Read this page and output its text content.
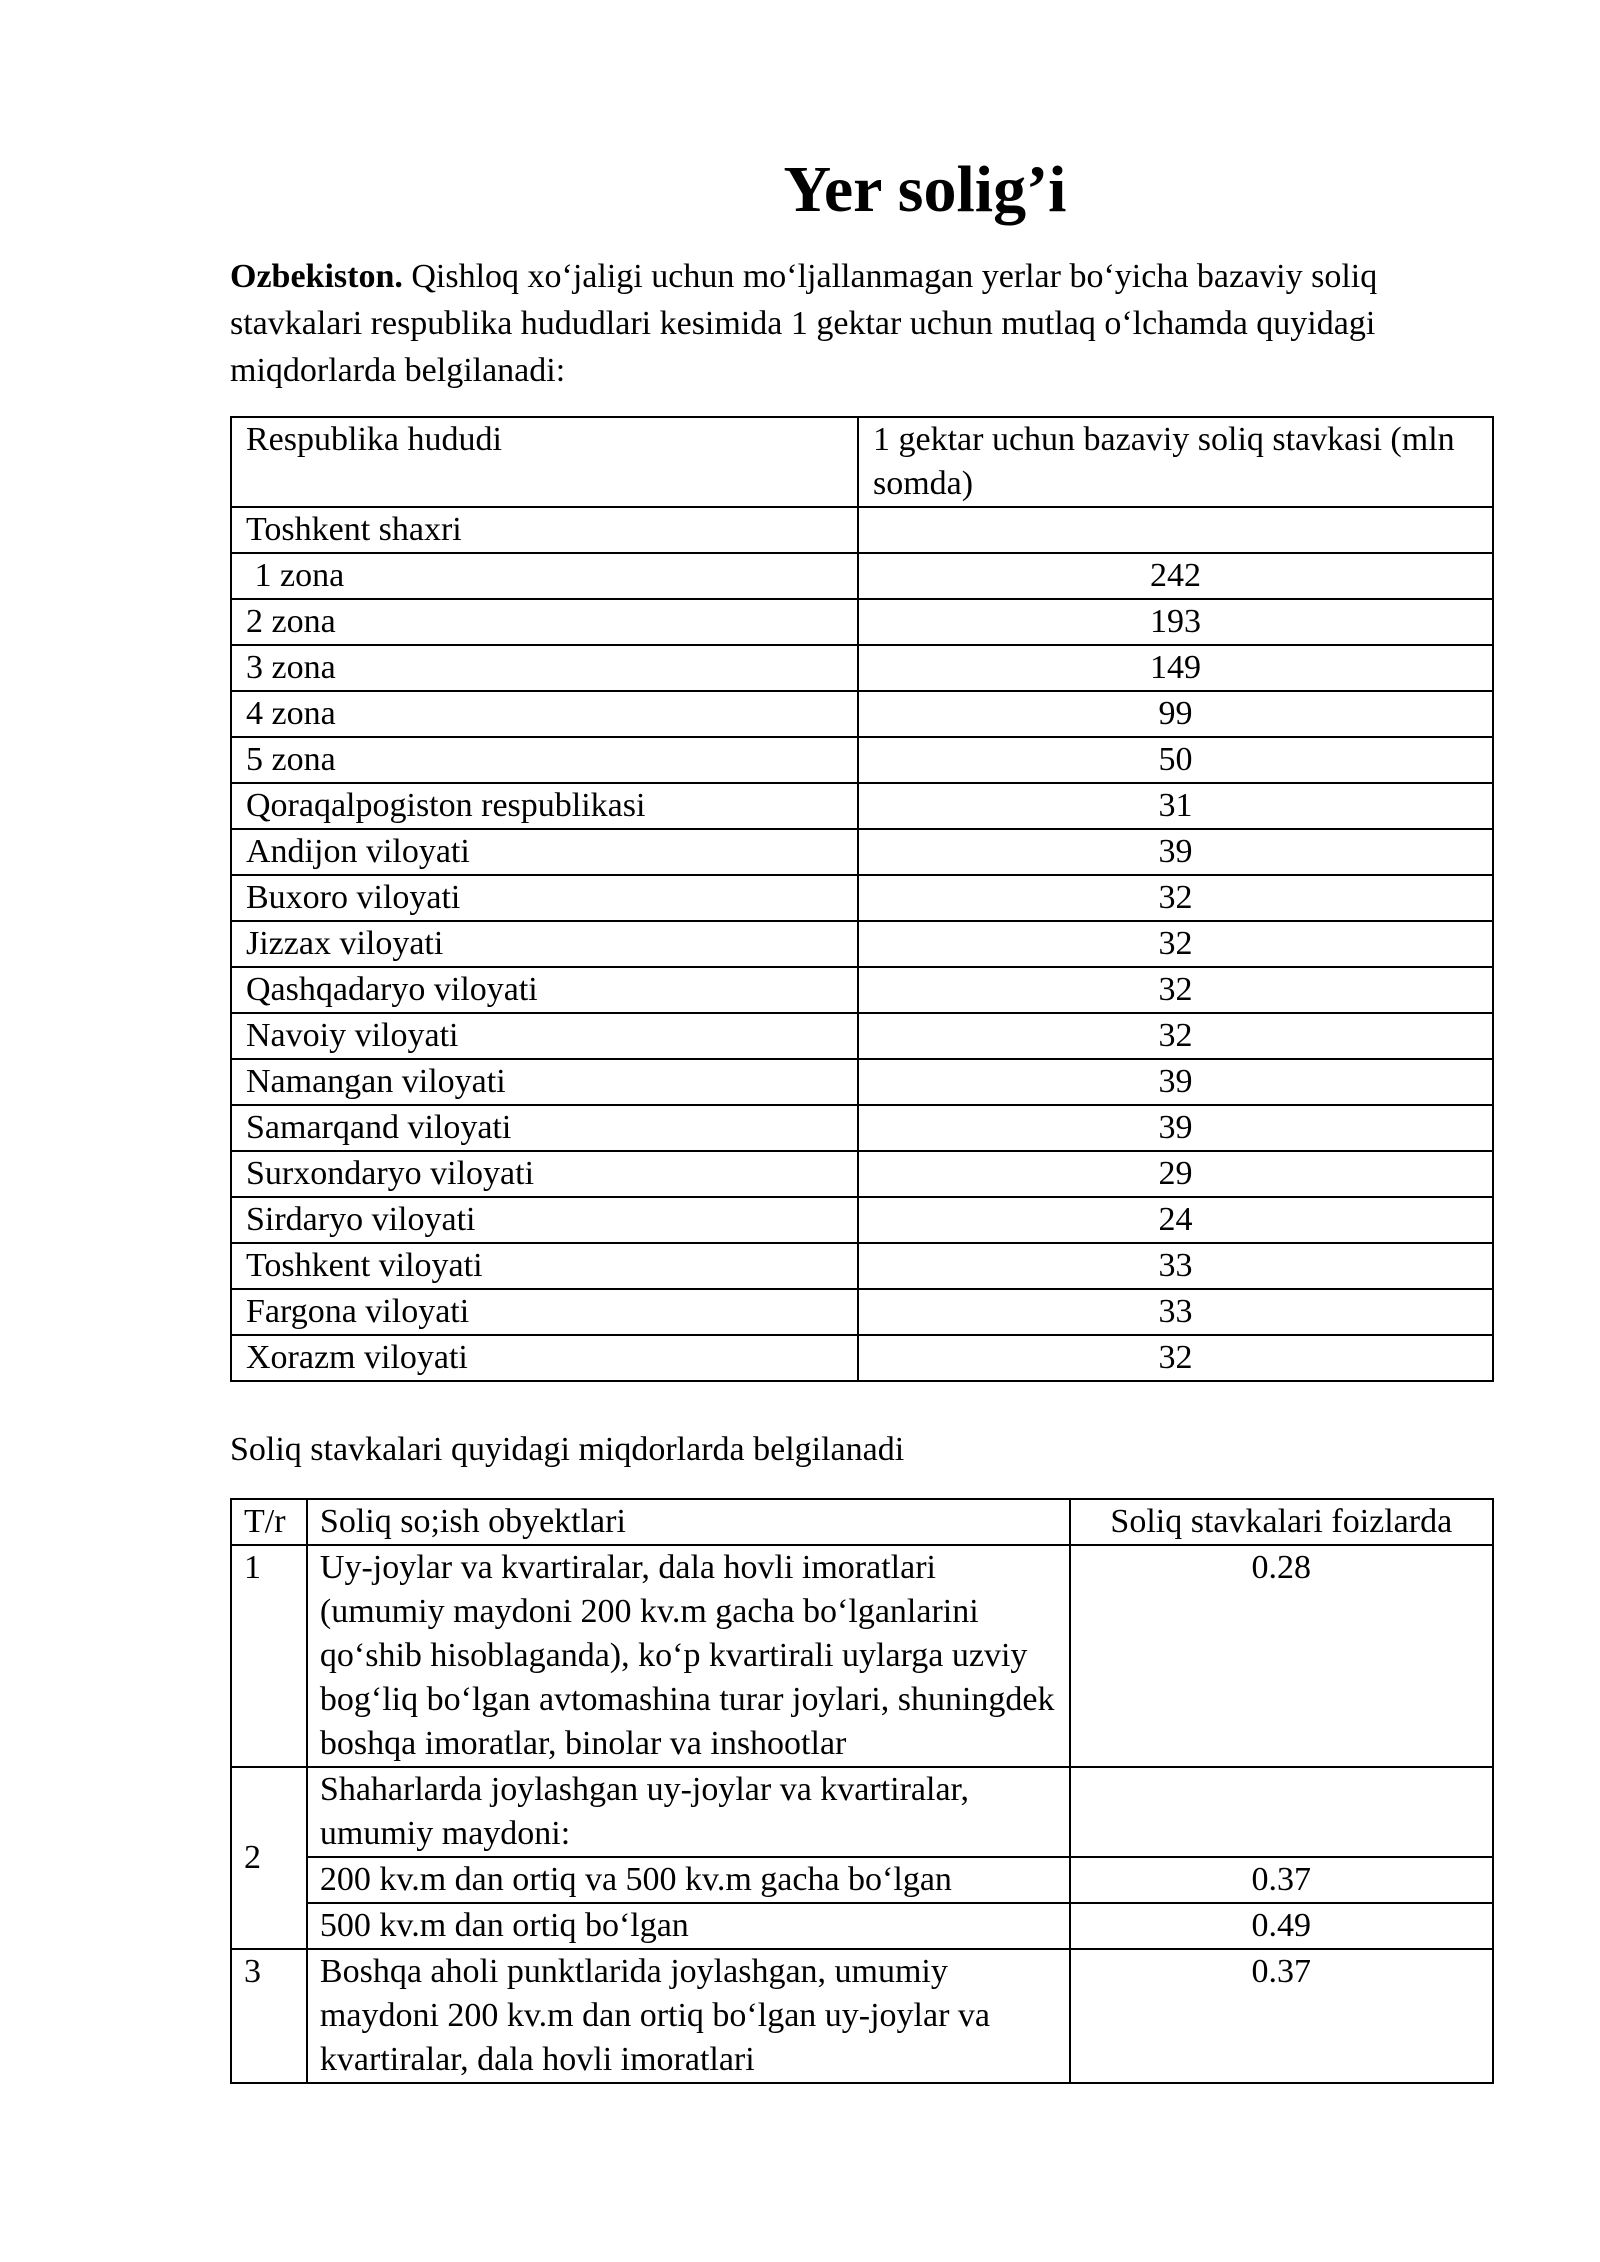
Yer solig’i
Ozbekiston. Qishloq xo‘jaligi uchun mo‘ljallanmagan yerlar bo‘yicha bazaviy soliq stavkalari respublika hududlari kesimida 1 gektar uchun mutlaq o‘lchamda quyidagi miqdorlarda belgilanadi:
Respublika hududi	1 gektar uchun bazaviy soliq stavkasi (mln somda)
Toshkent shaxri	
1 zona	242
2 zona	193
3 zona	149
4 zona	99
5 zona	50
Qoraqalpogiston respublikasi	31
Andijon viloyati	39
Buxoro viloyati	32
Jizzax viloyati	32
Qashqadaryo viloyati	32
Navoiy viloyati	32
Namangan viloyati	39
Samarqand viloyati	39
Surxondaryo viloyati	29
Sirdaryo viloyati	24
Toshkent viloyati	33
Fargona viloyati	33
Xorazm viloyati	32
Soliq stavkalari quyidagi miqdorlarda belgilanadi
T/r	Soliq so;ish obyektlari	Soliq stavkalari foizlarda
1	Uy-joylar va kvartiralar, dala hovli imoratlari (umumiy maydoni 200 kv.m gacha bo‘lganlarini qo‘shib hisoblaganda), ko‘p kvartirali uylarga uzviy bog‘liq bo‘lgan avtomashina turar joylari, shuningdek boshqa imoratlar, binolar va inshootlar	0.28
2	Shaharlarda joylashgan uy-joylar va kvartiralar, umumiy maydoni:	
	200 kv.m dan ortiq va 500 kv.m gacha bo‘lgan	0.37
	500 kv.m dan ortiq bo‘lgan	0.49
3	Boshqa aholi punktlarida joylashgan, umumiy maydoni 200 kv.m dan ortiq bo‘lgan uy-joylar va kvartiralar, dala hovli imoratlari	0.37
